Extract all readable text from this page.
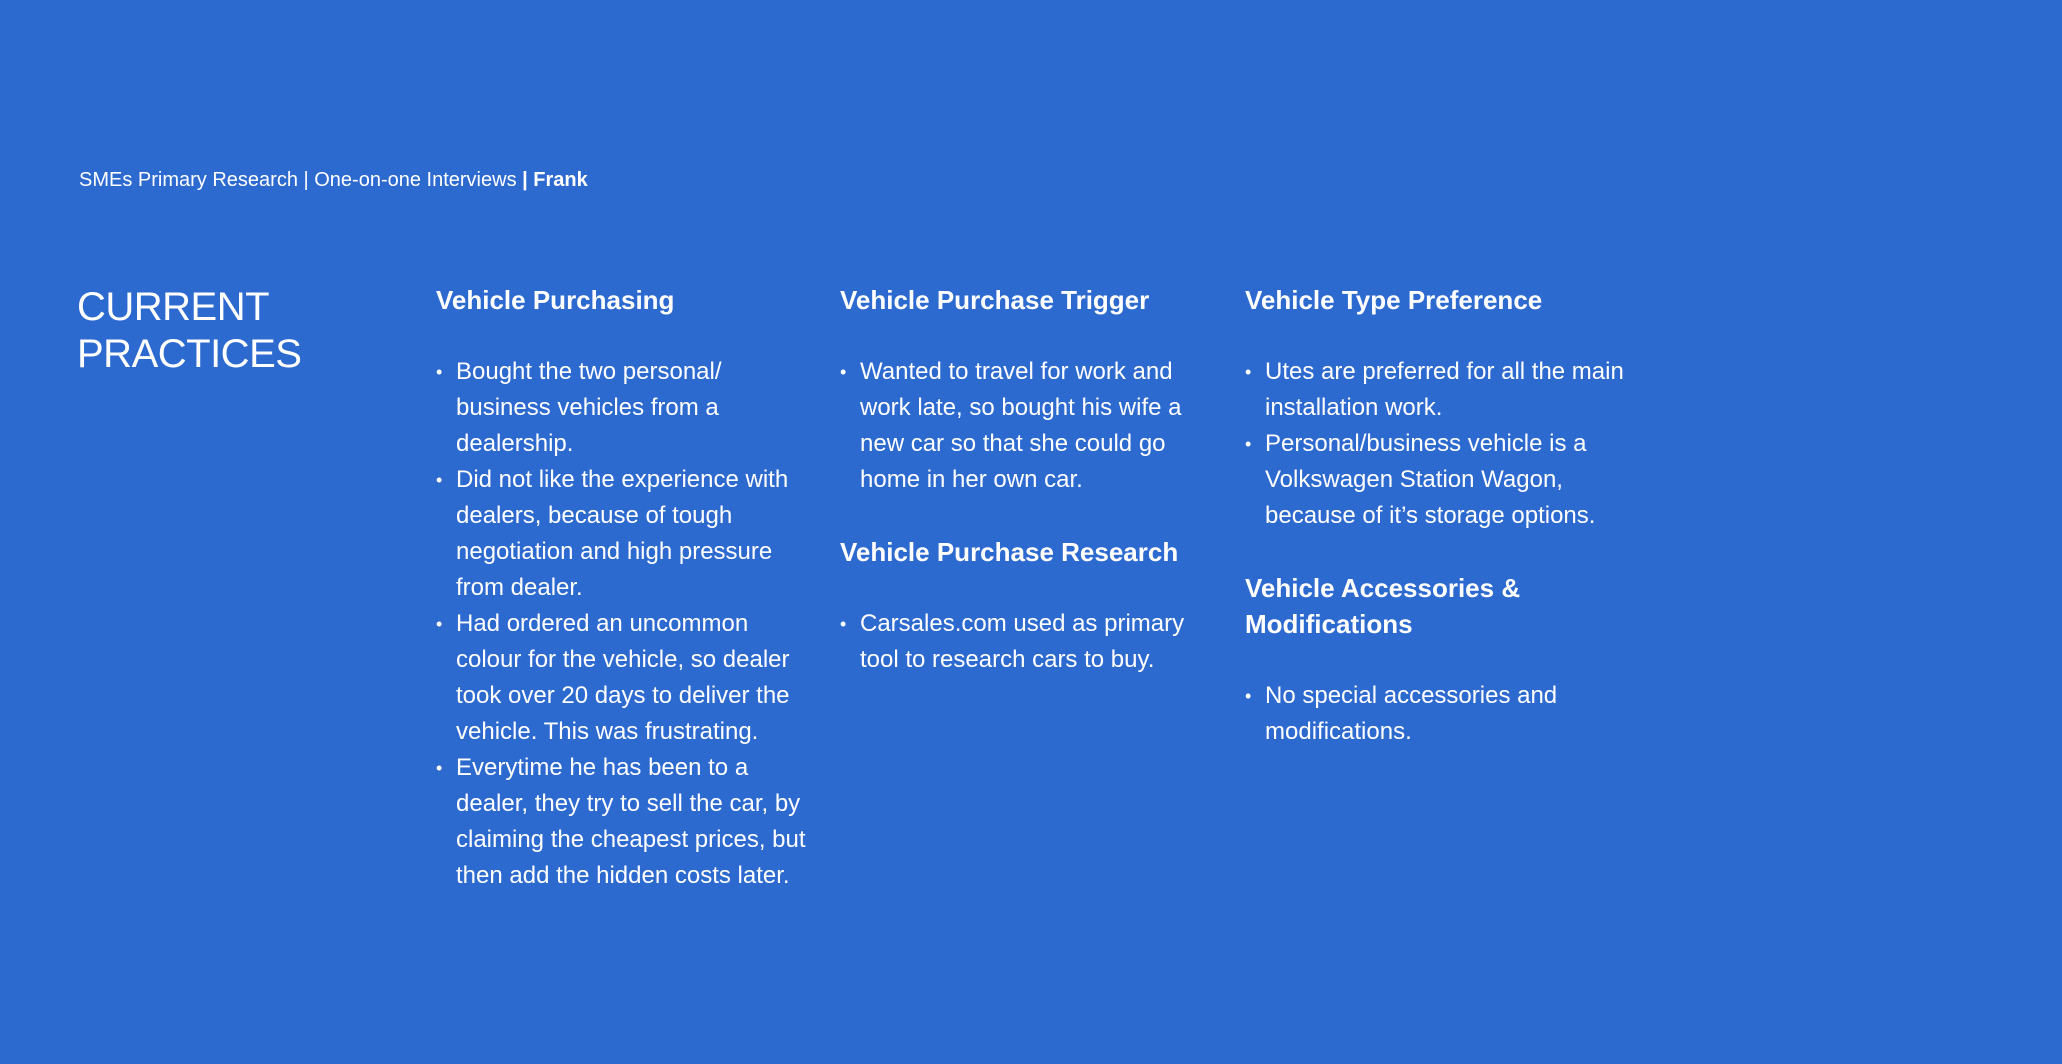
SMEs Primary Research | One-on-one Interviews | Frank
CURRENT
PRACTICES
Vehicle Purchasing
• Bought the two personal/ business vehicles from a dealership.
• Did not like the experience with dealers, because of tough negotiation and high pressure from dealer.
• Had ordered an uncommon colour for the vehicle, so dealer took over 20 days to deliver the vehicle. This was frustrating.
• Everytime he has been to a dealer, they try to sell the car, by claiming the cheapest prices, but then add the hidden costs later.
Vehicle Purchase Trigger
• Wanted to travel for work and work late, so bought his wife a new car so that she could go home in her own car.
Vehicle Purchase Research
• Carsales.com used as primary tool to research cars to buy.
Vehicle Type Preference
• Utes are preferred for all the main installation work.
• Personal/business vehicle is a Volkswagen Station Wagon, because of it’s storage options.
Vehicle Accessories & Modifications
• No special accessories and modifications.
